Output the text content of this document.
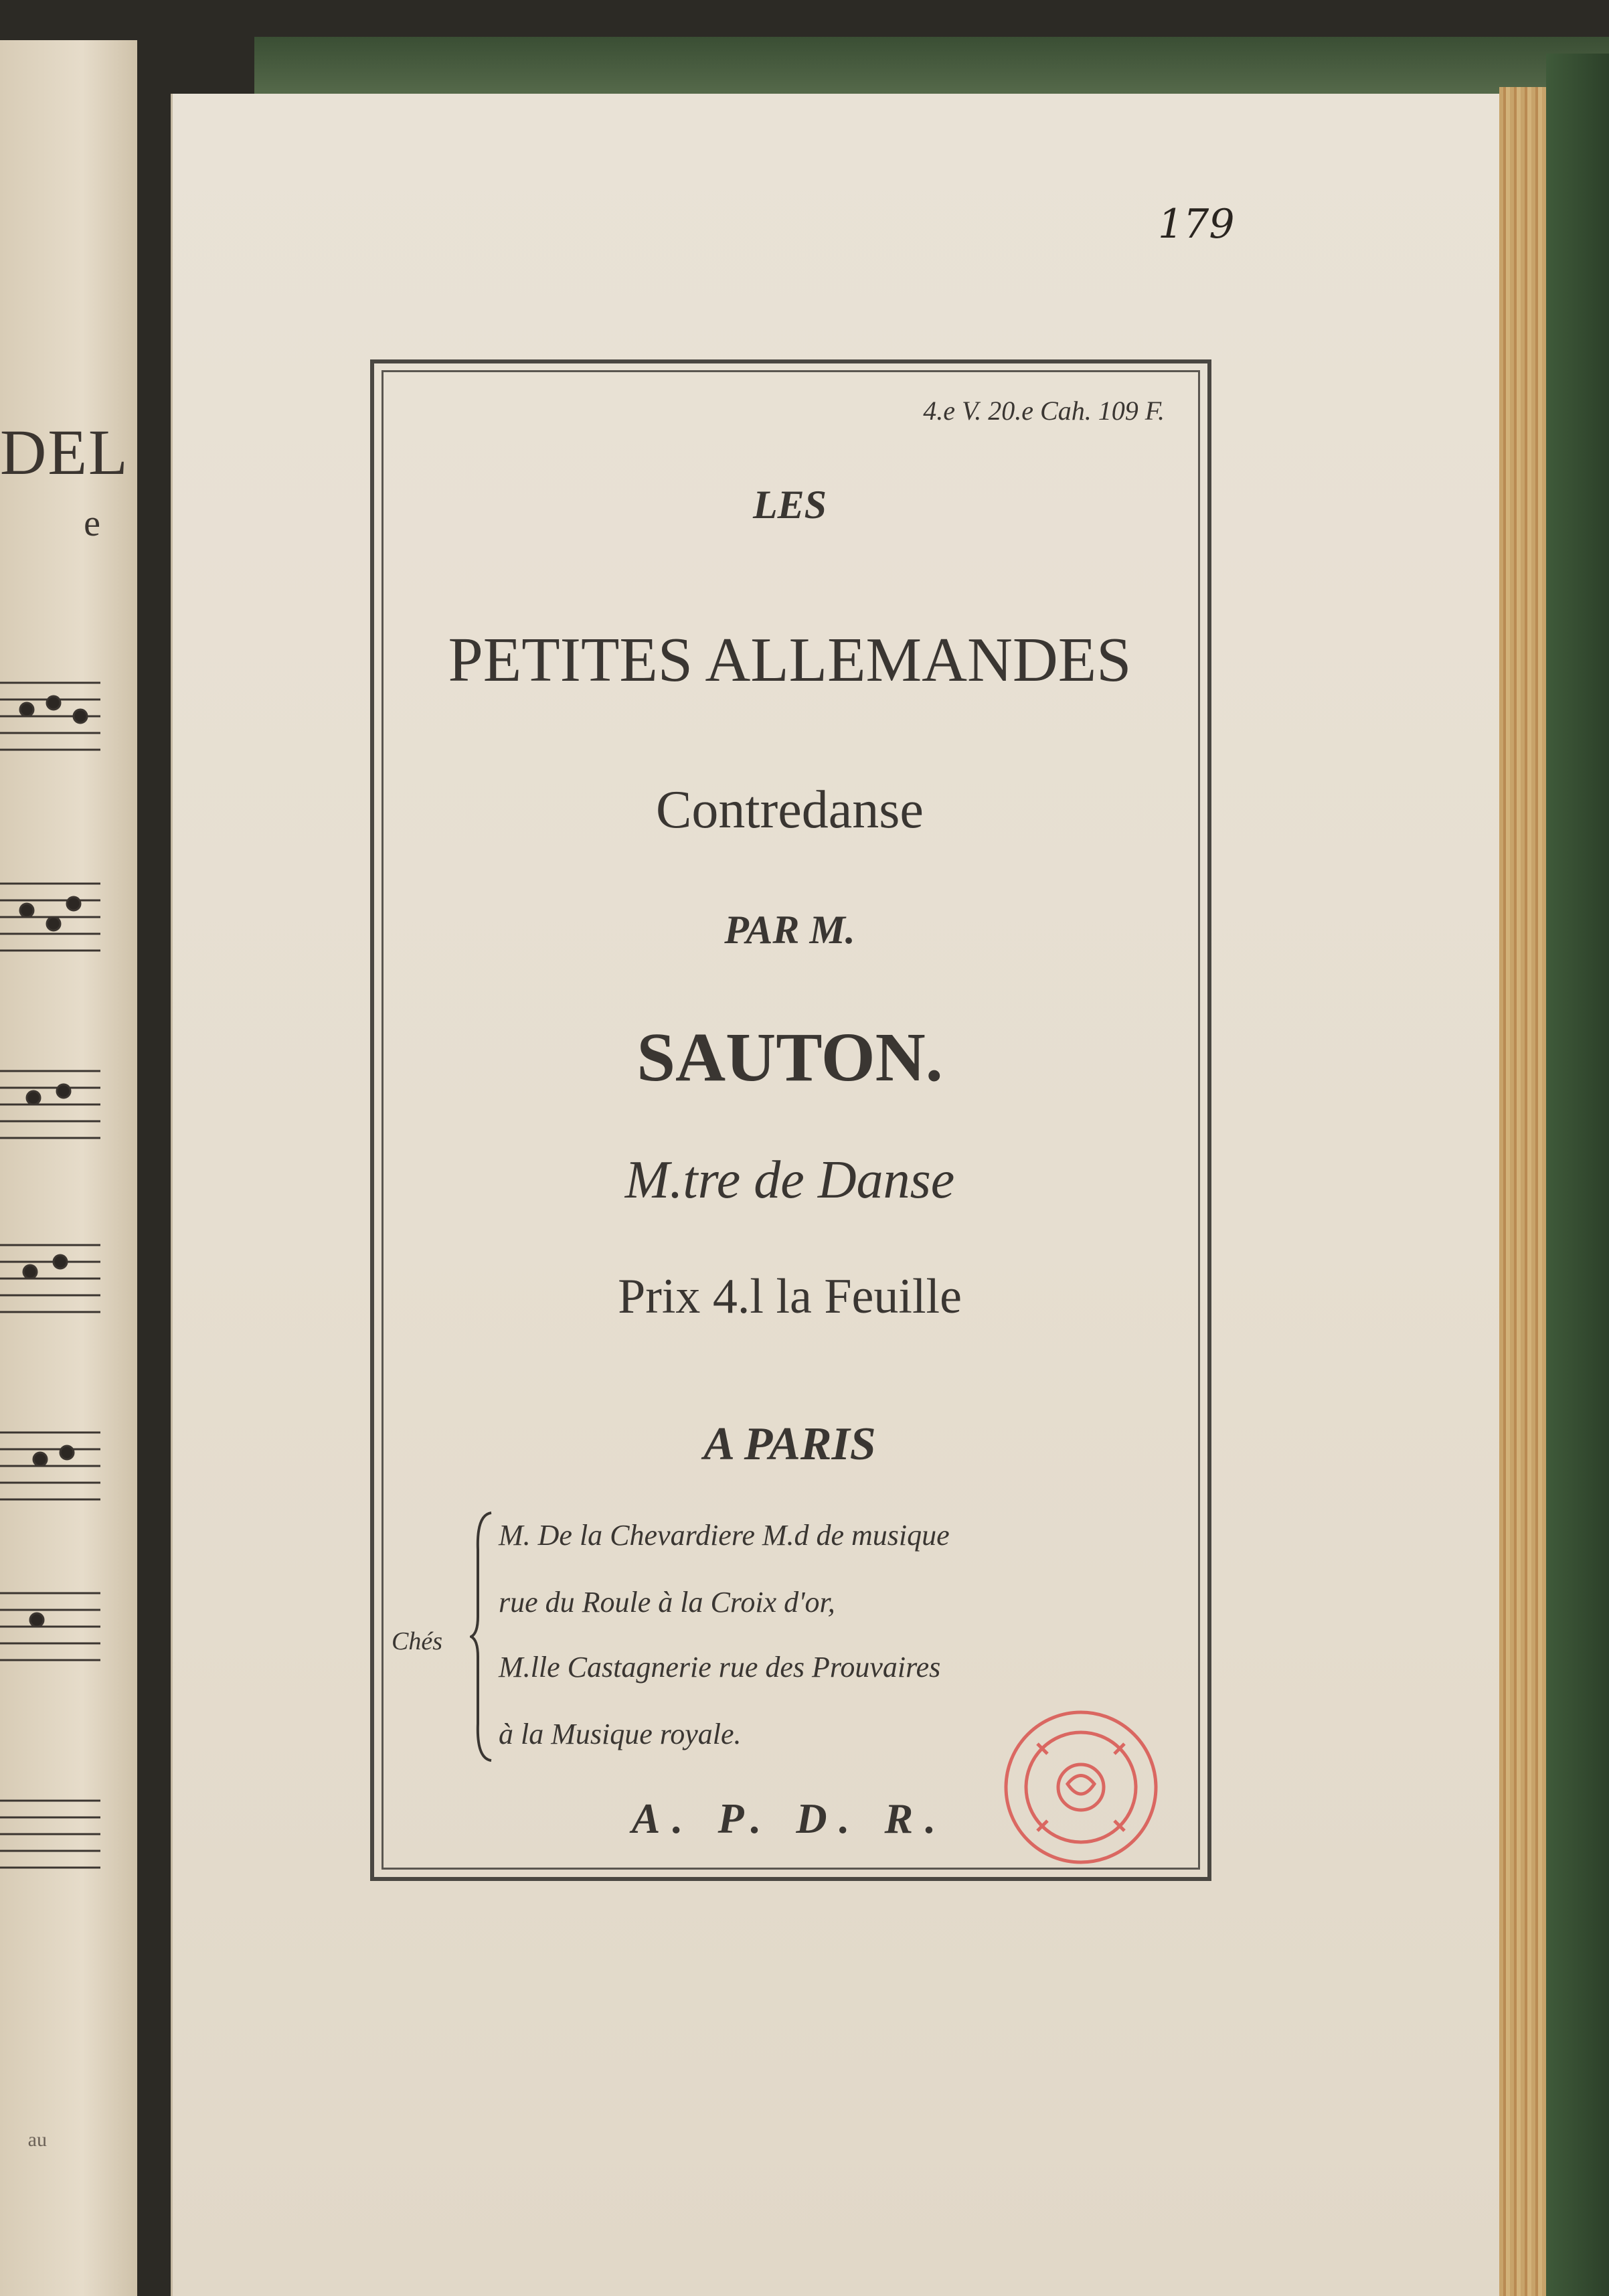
DEL
e
au
179
4.e V. 20.e Cah. 109 F.
LES
PETITES ALLEMANDES
Contredanse
PAR M.
SAUTON.
M.tre de Danse
Prix 4.l la Feuille
A PARIS
Chés
M. De la Chevardiere M.d de musique
rue du Roule à la Croix d'or,
M.lle Castagnerie rue des Prouvaires
à la Musique royale.
A. P. D. R.
